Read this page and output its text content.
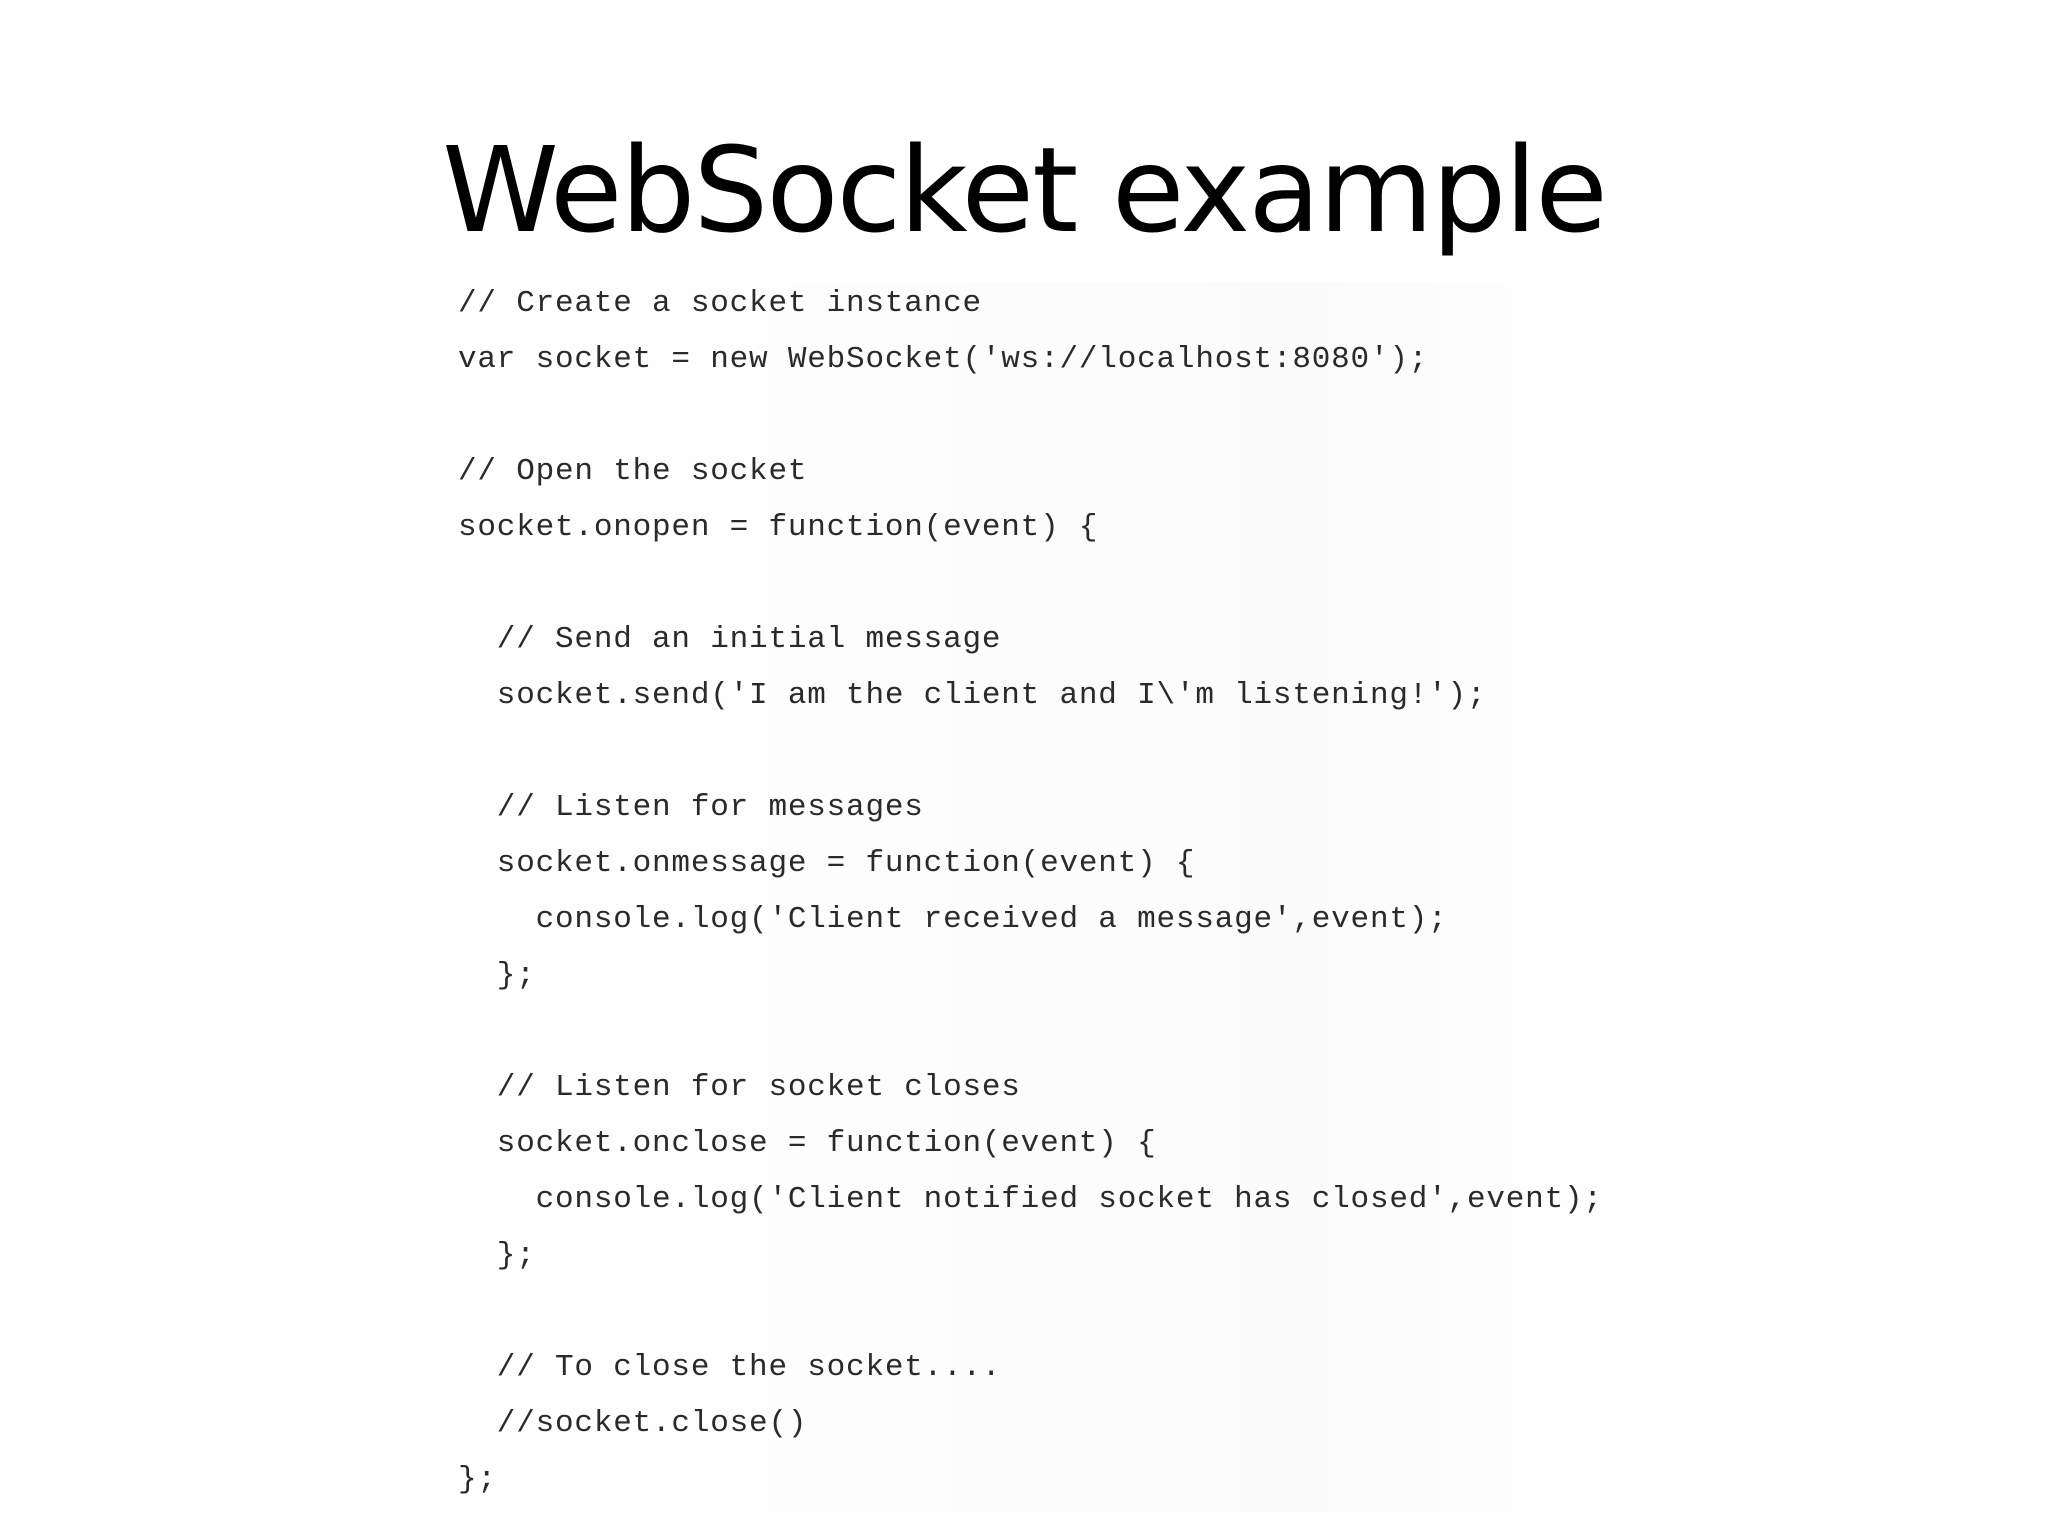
WebSocket example
// Create a socket instance
var socket = new WebSocket('ws://localhost:8080');
// Open the socket
socket.onopen = function(event) {
// Send an initial message
socket.send('I am the client and I\'m listening!');
// Listen for messages
socket.onmessage = function(event) {
console.log('Client received a message',event);
};
// Listen for socket closes
socket.onclose = function(event) {
console.log('Client notified socket has closed',event);
};
// To close the socket....
//socket.close()
};
